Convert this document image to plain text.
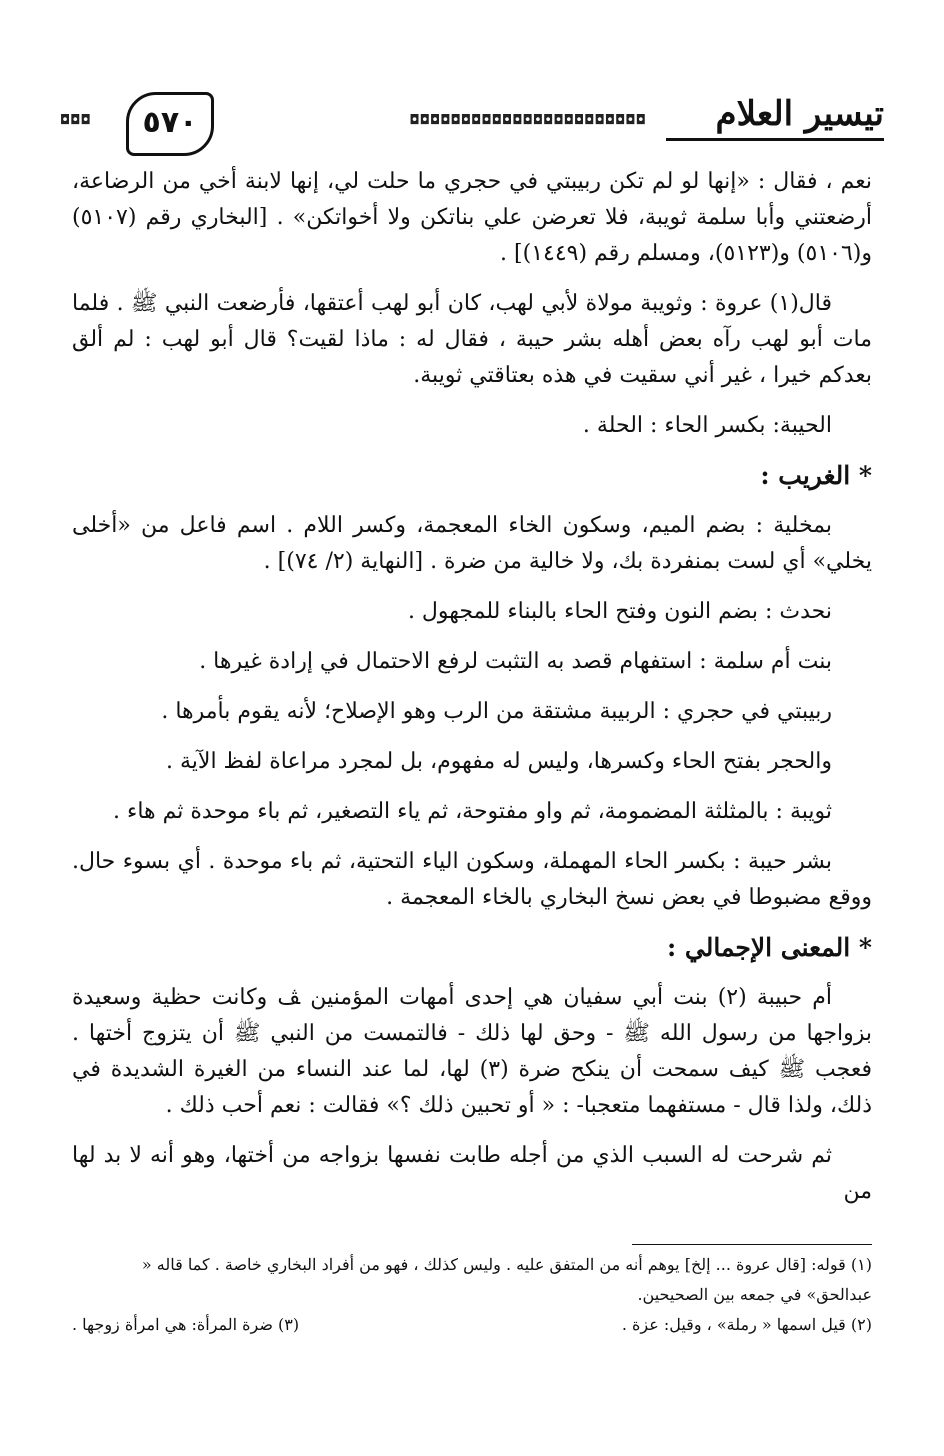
تيسير العلام
◘◘◘◘◘◘◘◘◘◘◘◘◘◘◘◘◘◘◘◘◘◘◘
٥٧٠
◘◘◘

نعم ، فقال : «إنها لو لم تكن ربيبتي في حجري ما حلت لي، إنها لابنة أخي من الرضاعة، أرضعتني وأبا سلمة ثويبة، فلا تعرضن علي بناتكن ولا أخواتكن» . [البخاري رقم (٥١٠٧) و(٥١٠٦) و(٥١٢٣)، ومسلم رقم (١٤٤٩)] .

قال(١) عروة : وثويبة مولاة لأبي لهب، كان أبو لهب أعتقها، فأرضعت النبي ﷺ . فلما مات أبو لهب رآه بعض أهله بشر حيبة ، فقال له : ماذا لقيت؟ قال أبو لهب : لم ألق بعدكم خيرا ، غير أني سقيت في هذه بعتاقتي ثويبة.

الحيبة: بكسر الحاء : الحلة .

* الغريب :

بمخلية : بضم الميم، وسكون الخاء المعجمة، وكسر اللام . اسم فاعل من «أخلى يخلي» أي لست بمنفردة بك، ولا خالية من ضرة . [النهاية (٢/ ٧٤)] .

نحدث : بضم النون وفتح الحاء بالبناء للمجهول .

بنت أم سلمة : استفهام قصد به التثبت لرفع الاحتمال في إرادة غيرها .

ربيبتي في حجري : الربيبة مشتقة من الرب وهو الإصلاح؛ لأنه يقوم بأمرها .

والحجر بفتح الحاء وكسرها، وليس له مفهوم، بل لمجرد مراعاة لفظ الآية .

ثويبة : بالمثلثة المضمومة، ثم واو مفتوحة، ثم ياء التصغير، ثم باء موحدة ثم هاء .

بشر حيبة : بكسر الحاء المهملة، وسكون الياء التحتية، ثم باء موحدة . أي بسوء حال. ووقع مضبوطا في بعض نسخ البخاري بالخاء المعجمة .

* المعنى الإجمالي :

أم حبيبة (٢) بنت أبي سفيان هي إحدى أمهات المؤمنين ﭫ وكانت حظية وسعيدة بزواجها من رسول الله ﷺ - وحق لها ذلك - فالتمست من النبي ﷺ أن يتزوج أختها . فعجب ﷺ كيف سمحت أن ينكح ضرة (٣) لها، لما عند النساء من الغيرة الشديدة في ذلك، ولذا قال - مستفهما متعجبا- : « أو تحبين ذلك ؟» فقالت : نعم أحب ذلك .

ثم شرحت له السبب الذي من أجله طابت نفسها بزواجه من أختها، وهو أنه لا بد لها من

(١) قوله: [قال عروة ... إلخ] يوهم أنه من المتفق عليه . وليس كذلك ، فهو من أفراد البخاري خاصة . كما قاله « عبدالحق» في جمعه بين الصحيحين.
(٢) قيل اسمها « رملة» ، وقيل: عزة .
(٣) ضرة المرأة: هي امرأة زوجها .
